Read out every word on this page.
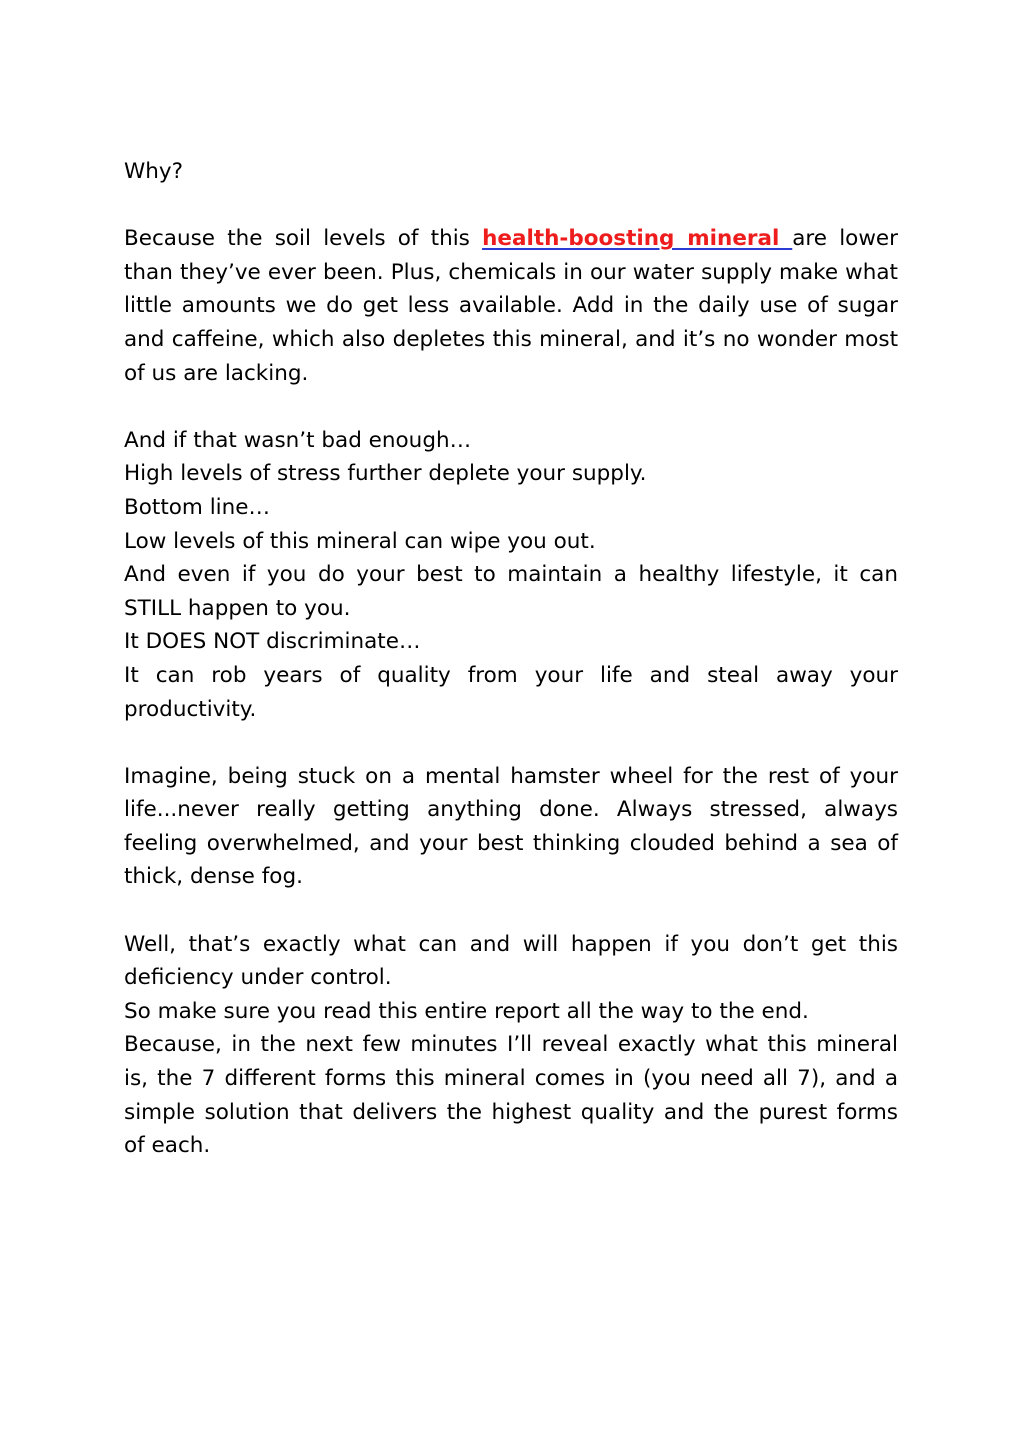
Why?

Because the soil levels of this health-boosting mineral are lower than they’ve ever been. Plus, chemicals in our water supply make what little amounts we do get less available. Add in the daily use of sugar and caffeine, which also depletes this mineral, and it’s no wonder most of us are lacking.

And if that wasn’t bad enough…

High levels of stress further deplete your supply.

Bottom line…

Low levels of this mineral can wipe you out.

And even if you do your best to maintain a healthy lifestyle, it can STILL happen to you.

It DOES NOT discriminate…

It can rob years of quality from your life and steal away your productivity.

Imagine, being stuck on a mental hamster wheel for the rest of your life...never really getting anything done. Always stressed, always feeling overwhelmed, and your best thinking clouded behind a sea of thick, dense fog.

Well, that’s exactly what can and will happen if you don’t get this deficiency under control.

So make sure you read this entire report all the way to the end.

Because, in the next few minutes I’ll reveal exactly what this mineral is, the 7 different forms this mineral comes in (you need all 7), and a simple solution that delivers the highest quality and the purest forms of each.
